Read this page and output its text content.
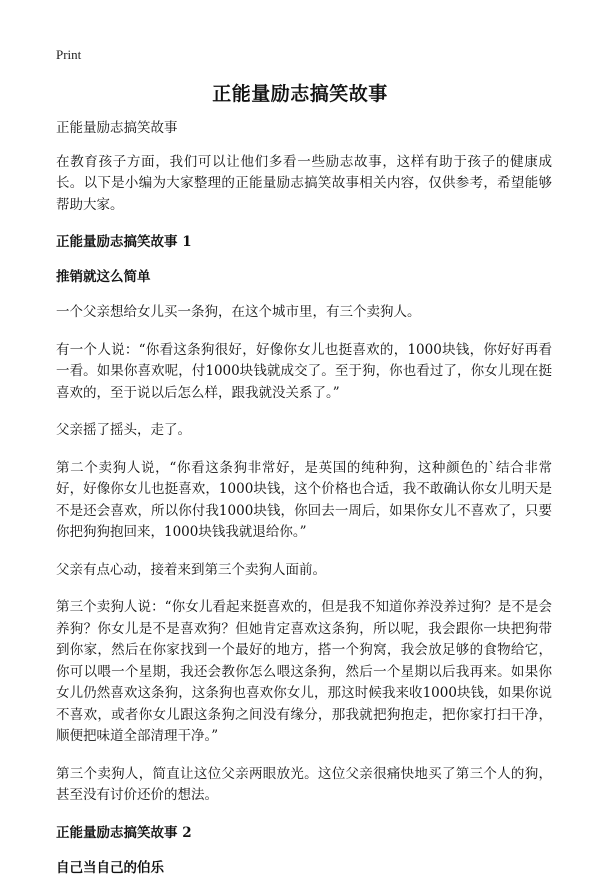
Print
正能量励志搞笑故事

正能量励志搞笑故事

在教育孩子方面，我们可以让他们多看一些励志故事，这样有助于孩子的健康成长。以下是小编为大家整理的正能量励志搞笑故事相关内容，仅供参考，希望能够帮助大家。

正能量励志搞笑故事 1
推销就这么简单

一个父亲想给女儿买一条狗，在这个城市里，有三个卖狗人。

有一个人说：“你看这条狗很好，好像你女儿也挺喜欢的，1000块钱，你好好再看一看。如果你喜欢呢，付1000块钱就成交了。至于狗，你也看过了，你女儿现在挺喜欢的，至于说以后怎么样，跟我就没关系了。”

父亲摇了摇头，走了。

第二个卖狗人说，“你看这条狗非常好，是英国的纯种狗，这种颜色的`结合非常好，好像你女儿也挺喜欢，1000块钱，这个价格也合适，我不敢确认你女儿明天是不是还会喜欢，所以你付我1000块钱，你回去一周后，如果你女儿不喜欢了，只要你把狗狗抱回来，1000块钱我就退给你。”

父亲有点心动，接着来到第三个卖狗人面前。

第三个卖狗人说：“你女儿看起来挺喜欢的，但是我不知道你养没养过狗？是不是会养狗？你女儿是不是喜欢狗？但她肯定喜欢这条狗，所以呢，我会跟你一块把狗带到你家，然后在你家找到一个最好的地方，搭一个狗窝，我会放足够的食物给它，你可以喂一个星期，我还会教你怎么喂这条狗，然后一个星期以后我再来。如果你女儿仍然喜欢这条狗，这条狗也喜欢你女儿，那这时候我来收1000块钱，如果你说不喜欢，或者你女儿跟这条狗之间没有缘分，那我就把狗抱走，把你家打扫干净，顺便把味道全部清理干净。”

第三个卖狗人，简直让这位父亲两眼放光。这位父亲很痛快地买了第三个人的狗，甚至没有讨价还价的想法。

正能量励志搞笑故事 2
自己当自己的伯乐
